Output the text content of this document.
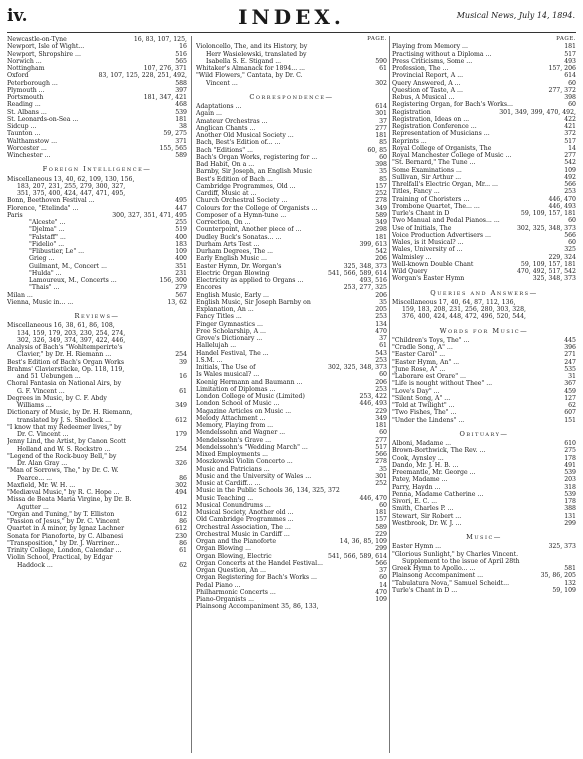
iv.	INDEX.	Musical News, July 14, 1894.
Newcastle-on-Tyne	16, 83, 107, 125,
Newport, Isle of Wight...	16
Newport, Shropshire ...	516
Norwich ...	565
Nottingham	107, 276, 371
Oxford	83, 107, 125, 228, 251, 492,
Peterborough ...	588
Plymouth ...	397
Portsmouth	181, 347, 421
Reading ...	468
St. Albans ...	539
St. Leonards-on-Sea ...	181
Sidcup ...	38
Taunton ...	59, 275
Walthamstow ...	371
Worcester ...	155, 565
Winchester ...	589
Foreign Intelligence—
Miscellaneous 13, 40, 62, 109, 130, 156,
183, 207, 231, 255, 279, 300, 327,
351, 375, 400, 424, 447, 471, 495,
Bonn, Beethoven Festival ...	495
Florence, "Etelinda" ...	447
Paris	300, 327, 351, 471, 495
"Alceste" ...	255
"Djelma" ...	519
"Falstaff" ...	400
"Fidelio" ...	183
"Flibustier, Le" ...	109
Grieg ...	400
Guilmant, M., Concert ...	351
"Hulda" ...	231
Lamoureux, M., Concerts ...	156, 300
"Thais" ...	279
Milan ...	567
Vienna, Music in... ...	13, 62
Reviews—
Miscellaneous 16, 38, 61, 86, 108,
134, 159, 179, 203, 230, 254, 274,
302, 326, 349, 374, 397, 422, 446,
Analysis of Bach's "Wohltemperirte's
Clavier," by Dr. H. Riemann ...	254
Best's Edition of Bach's Organ Works	39
Brahms' Clavierstücke, Op. 118, 119,
and 51 Uebungen ...	16
Choral Fantasia on National Airs, by
G. F. Vincent ...	61
Degrees in Music, by C. F. Abdy
Williams ...	349
Dictionary of Music, by Dr. H. Riemann,
translated by J. S. Shedlock ...	612
"I know that my Redeemer lives," by
Dr. C. Vincent ...	179
Jenny Lind, the Artist, by Canon Scott
Holland and W. S. Rockstro ...	254
"Legend of the Rock-buoy Bell," by
Dr. Alan Gray ...	326
"Man of Sorrows, The," by Dr. C. W.
Pearce... ...	86
Maxfield, Mr. W. H. ...	302
"Mediæval Music," by R. C. Hope ...	494
Missa de Beata Maria Virgine, by Dr. B.
Agutter ...	612
"Organ and Tuning," by T. Elliston	612
"Passion of Jesus," by Dr. C. Vincent	86
Quartet in A minor, by Ignaz Lachner	612
Sonata for Pianoforte, by C. Albanesi	230
"Transposition," by Dr. J. Warriner...	86
Trinity College, London, Calendar ...	61
Violin School, Practical, by Edgar
Haddock ...	62
PAGE.
Violoncello, The, and its History, by
Herr Wasielewski, translated by
Isabella S. E. Stigand ...	590
Whitaker's Almanack for 1894... ...	61
"Wild Flowers," Cantata, by Dr. C.
Vincent ...	302
Correspondence—
Adaptations ...	614
Again ...	301
Amateur Orchestras ...	37
Anglican Chants ...	277
Another Old Musical Society ...	181
Bach, Best's Edition of... ...	85
Bach "Editions" ...	60, 85
Bach's Organ Works, registering for ...	60
Bad Habit, On a ...	398
Barnby, Sir Joseph, an English Music	35
Best's Edition of Bach ...	85
Cambridge Programmes, Old ...	157
Cardiff, Music at ...	252
Church Orchestral Society ...	278
Colours for the College of Organists ...	349
Composer of a Hymn-tune ...	589
Correction, On ...	349
Counterpoint, Another piece of ...	298
Dudley Buck's Sonatas... ...	181
Durham Arts Test ...	399, 613
Durham Degrees, The ...	542
Early English Music ...	206
Easter Hymn, Dr. Worgan's	325, 348, 373
Electric Organ Blowing	541, 566, 589, 614
Electricity as applied to Organs ...	493, 516
Encores	253, 277, 325
English Music, Early ...	206
English Music, Sir Joseph Barnby on	35
Explanation, An ...	205
Fancy Titles ...	253
Finger Gymnastics ...	134
Free Scholarship, A ...	470
Grove's Dictionary ...	37
Hallelujah ...	61
Handel Festival, The ...	543
I.S.M. ...	253
Initials, The Use of	302, 325, 348, 373
Is Wales musical? ...	60
Koenig Hermann and Baumann ...	206
Limitation of Diplomas ...	253
London College of Music (Limited)	253, 422
London School of Music ...	446, 493
Magazine Articles on Music ...	229
Melody Attachment ...	349
Memory, Playing from ...	181
Mendelssohn and Wagner ...	60
Mendelssohn's Grave ...	277
Mendelssohn's "Wedding March" ...	517
Mixed Employments ...	566
Moszkowski Violin Concerto ...	278
Music and Patricians ...	35
Music and the University of Wales ...	301
Music at Cardiff... ...	252
Music in the Public Schools 36, 134, 325, 372
Music Teaching ...	446, 470
Musical Conundrums ...	60
Musical Society, Another old ...	181
Old Cambridge Programmes ...	157
Orchestral Association, The ...	589
Orchestral Music in Cardiff ...	229
Organ and the Pianoforte	14, 36, 85, 109
Organ Blowing ...	299
Organ Blowing, Electric	541, 566, 589, 614
Organ Concerts at the Handel Festival...	566
Organ Question, An ...	37
Organ Registering for Bach's Works ...	60
Pedal Piano ...	14
Philharmonic Concerts ...	470
Piano-Organists ...	109
Plainsong Accompaniment 35, 86, 133,
PAGE.
Playing from Memory ...	181
Practising without a Diploma ...	517
Press Criticisms, Some ...	493
Profession, The ...	157, 206
Provincial Report, A ...	614
Query Answered, A ...	60
Question of Taste, A ...	277, 372
Rebus, A Musical ...	398
Registering Organ, for Bach's Works...	60
Registration	301, 349, 399, 470, 492,
Registration, Ideas on ...	422
Registration Conference ...	421
Representation of Musicians ...	372
Reprints ...	517
Royal College of Organists, The	14
Royal Manchester College of Music ...	277
"St. Bernard," The Tune ...	542
Some Examinations ...	109
Sullivan, Sir Arthur ...	492
Threlfall's Electric Organ, Mr... ...	566
Titles, Fancy ...	253
Training of Choristers ...	446, 470
Trombone Quartet, The... ...	446, 493
Turle's Chant in D	59, 109, 157, 181
Two Manual and Pedal Pianos... ...	60
Use of Initials, The	302, 325, 348, 373
Voice Production Advertisers ...	566
Wales, is it Musical? ...	60
Wales, University of ...	325
Walmisley ...	229, 324
Well-known Double Chant	59, 109, 157, 181
Wild Query	470, 492, 517, 542
Worgan's Easter Hymn	325, 348, 373
Queries and Answers—
Miscellaneous 17, 40, 64, 87, 112, 136,
159, 183, 208, 231, 256, 280, 303, 328,
376, 400, 424, 448, 472, 496, 520, 544,
Words for Music—
"Children's Toys, The" ...	445
"Cradle Song, A" ...	396
"Easter Carol" ...	271
"Easter Hymn, An" ...	247
"June Rose, A" ...	535
"Laborare est Orare" ...	31
"Life is nought without Thee" ...	367
"Love's Day" ...	459
"Silent Song, A" ...	127
"Told at Twilight" ...	62
"Two Fishes, The" ...	607
"Under the Lindens" ...	151
Obituary—
Alboni, Madame ...	610
Brown-Borthwick, The Rev. ...	275
Cook, Aynsley ...	178
Dando, Mr. J. H. B. ...	491
Freemantle, Mr. George ...	539
Patey, Madame ...	203
Parry, Haydn ...	318
Penna, Madame Catherine ...	539
Sivori, E. C. ...	178
Smith, Charles P. ...	388
Stewart, Sir Robert ...	131
Westbrook, Dr. W. J. ...	299
Music—
Easter Hymn ...	325, 373
"Glorious Sunlight," by Charles Vincent.
Supplement to the issue of April 28th
Greek Hymn to Apollo... ...	581
Plainsong Accompaniment ...	35, 86, 205
"Tabulatura Nova," Samuel Scheidt...	132
Turle's Chant in D ...	59, 109
